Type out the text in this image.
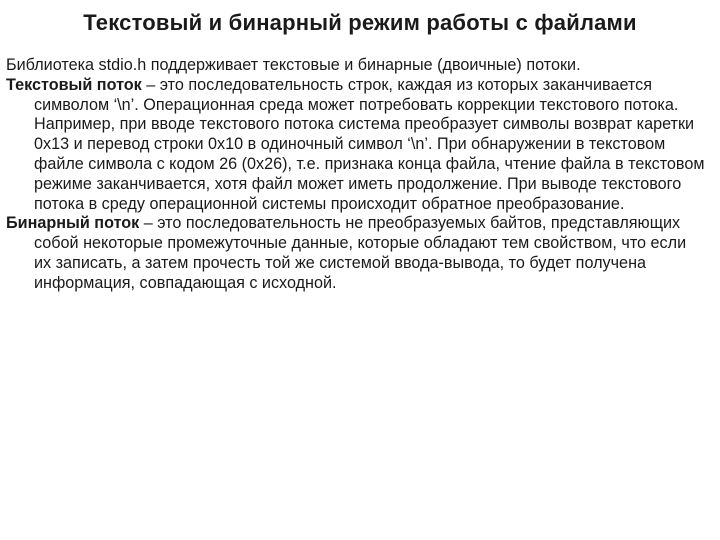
Текстовый и бинарный режим работы с файлами

Библиотека stdio.h поддерживает текстовые и бинарные (двоичные) потоки.

Текстовый поток – это последовательность строк, каждая из которых заканчивается символом ‘\n’. Операционная среда может потребовать коррекции текстового потока. Например, при вводе текстового потока система преобразует символы возврат каретки 0x13 и перевод строки 0x10 в одиночный символ ‘\n’. При обнаружении в текстовом файле символа с кодом 26 (0x26), т.е. признака конца файла, чтение файла в текстовом режиме заканчивается, хотя файл может иметь продолжение. При выводе текстового потока в среду операционной системы происходит обратное преобразование.

Бинарный поток – это последовательность не преобразуемых байтов, представляющих собой некоторые промежуточные данные, которые обладают тем свойством, что если их записать, а затем прочесть той же системой ввода-вывода, то будет получена информация, совпадающая с исходной.
